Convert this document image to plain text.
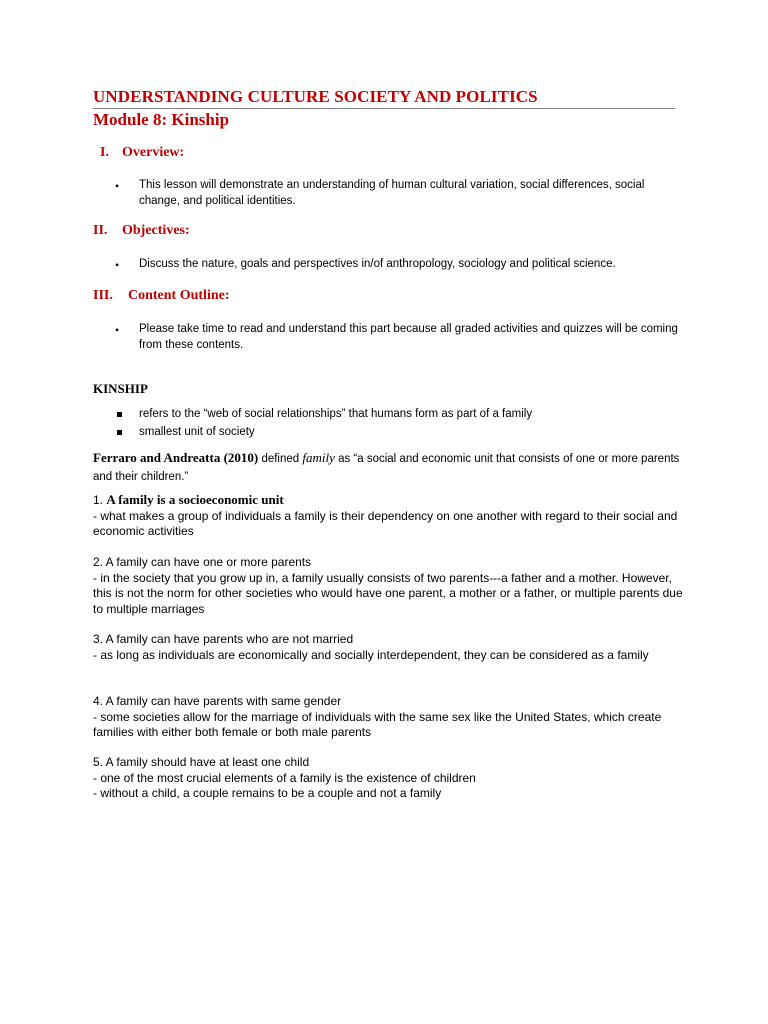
UNDERSTANDING CULTURE SOCIETY AND POLITICS
Module 8: Kinship
I. Overview:
•	This lesson will demonstrate an understanding of human cultural variation, social differences, social change, and political identities.
II. Objectives:
•	Discuss the nature, goals and perspectives in/of anthropology, sociology and political science.
III. Content Outline:
•	Please take time to read and understand this part because all graded activities and quizzes will be coming from these contents.
KINSHIP
refers to the “web of social relationships” that humans form as part of a family
smallest unit of society
Ferraro and Andreatta (2010) defined family as “a social and economic unit that consists of one or more parents and their children.”
1. A family is a socioeconomic unit
- what makes a group of individuals a family is their dependency on one another with regard to their social and economic activities
2. A family can have one or more parents
- in the society that you grow up in, a family usually consists of two parents---a father and a mother. However, this is not the norm for other societies who would have one parent, a mother or a father, or multiple parents due to multiple marriages
3. A family can have parents who are not married
- as long as individuals are economically and socially interdependent, they can be considered as a family
4. A family can have parents with same gender
- some societies allow for the marriage of individuals with the same sex like the United States, which create families with either both female or both male parents
5. A family should have at least one child
- one of the most crucial elements of a family is the existence of children
- without a child, a couple remains to be a couple and not a family
